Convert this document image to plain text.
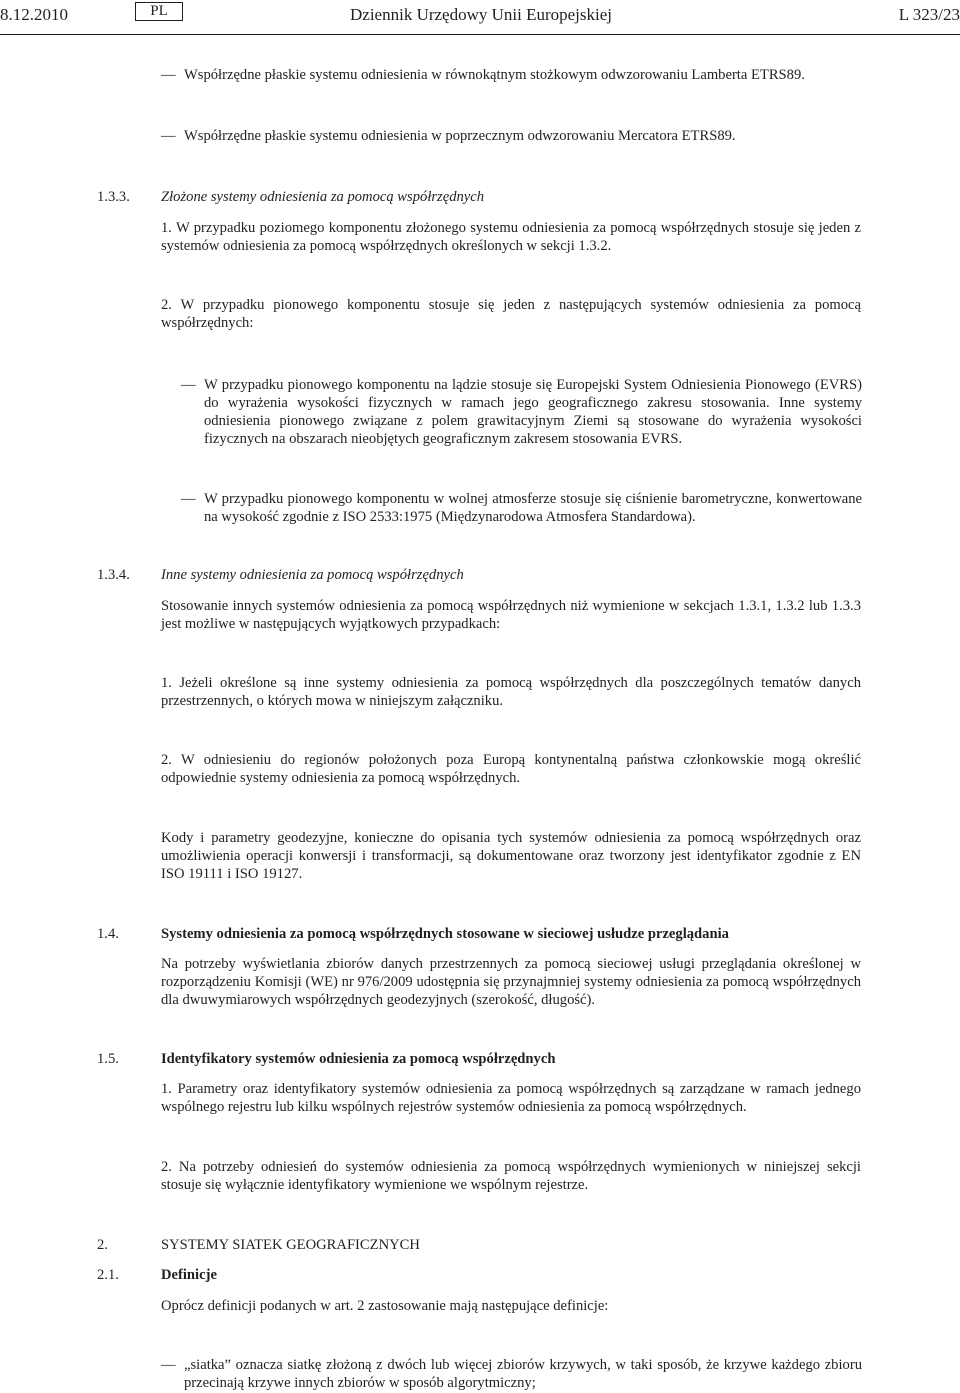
8.12.2010	PL	Dziennik Urzędowy Unii Europejskiej	L 323/23
— Współrzędne płaskie systemu odniesienia w równokątnym stożkowym odwzorowaniu Lamberta ETRS89.
— Współrzędne płaskie systemu odniesienia w poprzecznym odwzorowaniu Mercatora ETRS89.
1.3.3. Złożone systemy odniesienia za pomocą współrzędnych
1. W przypadku poziomego komponentu złożonego systemu odniesienia za pomocą współrzędnych stosuje się jeden z systemów odniesienia za pomocą współrzędnych określonych w sekcji 1.3.2.
2. W przypadku pionowego komponentu stosuje się jeden z następujących systemów odniesienia za pomocą współrzędnych:
— W przypadku pionowego komponentu na lądzie stosuje się Europejski System Odniesienia Pionowego (EVRS) do wyrażenia wysokości fizycznych w ramach jego geograficznego zakresu stosowania. Inne systemy odniesienia pionowego związane z polem grawitacyjnym Ziemi są stosowane do wyrażenia wysokości fizycznych na obszarach nieobjętych geograficznym zakresem stosowania EVRS.
— W przypadku pionowego komponentu w wolnej atmosferze stosuje się ciśnienie barometryczne, konwertowane na wysokość zgodnie z ISO 2533:1975 (Międzynarodowa Atmosfera Standardowa).
1.3.4. Inne systemy odniesienia za pomocą współrzędnych
Stosowanie innych systemów odniesienia za pomocą współrzędnych niż wymienione w sekcjach 1.3.1, 1.3.2 lub 1.3.3 jest możliwe w następujących wyjątkowych przypadkach:
1. Jeżeli określone są inne systemy odniesienia za pomocą współrzędnych dla poszczególnych tematów danych przestrzennych, o których mowa w niniejszym załączniku.
2. W odniesieniu do regionów położonych poza Europą kontynentalną państwa członkowskie mogą określić odpowiednie systemy odniesienia za pomocą współrzędnych.
Kody i parametry geodezyjne, konieczne do opisania tych systemów odniesienia za pomocą współrzędnych oraz umożliwienia operacji konwersji i transformacji, są dokumentowane oraz tworzony jest identyfikator zgodnie z EN ISO 19111 i ISO 19127.
1.4.	Systemy odniesienia za pomocą współrzędnych stosowane w sieciowej usłudze przeglądania
Na potrzeby wyświetlania zbiorów danych przestrzennych za pomocą sieciowej usługi przeglądania określonej w rozporządzeniu Komisji (WE) nr 976/2009 udostępnia się przynajmniej systemy odniesienia za pomocą współrzędnych dla dwuwymiarowych współrzędnych geodezyjnych (szerokość, długość).
1.5.	Identyfikatory systemów odniesienia za pomocą współrzędnych
1. Parametry oraz identyfikatory systemów odniesienia za pomocą współrzędnych są zarządzane w ramach jednego wspólnego rejestru lub kilku wspólnych rejestrów systemów odniesienia za pomocą współrzędnych.
2. Na potrzeby odniesień do systemów odniesienia za pomocą współrzędnych wymienionych w niniejszej sekcji stosuje się wyłącznie identyfikatory wymienione we wspólnym rejestrze.
2.	SYSTEMY SIATEK GEOGRAFICZNYCH
2.1.	Definicje
Oprócz definicji podanych w art. 2 zastosowanie mają następujące definicje:
— „siatka” oznacza siatkę złożoną z dwóch lub więcej zbiorów krzywych, w taki sposób, że krzywe każdego zbioru przecinają krzywe innych zbiorów w sposób algorytmiczny;
